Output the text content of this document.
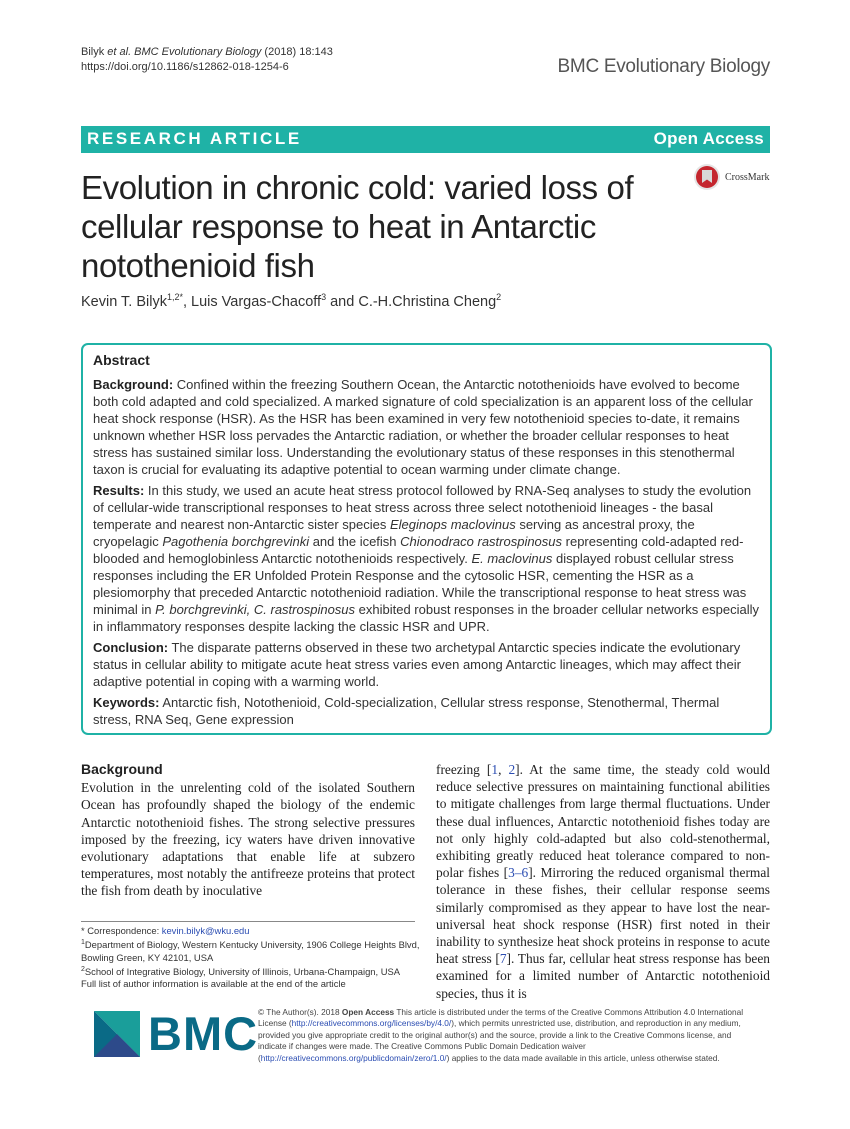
Bilyk et al. BMC Evolutionary Biology (2018) 18:143
https://doi.org/10.1186/s12862-018-1254-6	BMC Evolutionary Biology
RESEARCH ARTICLE	Open Access
CrossMark
Evolution in chronic cold: varied loss of cellular response to heat in Antarctic notothenioid fish
Kevin T. Bilyk$^{1,2*}$, Luis Vargas-Chacoff$^3$ and C.-H.Christina Cheng$^2$
Abstract

Background: Confined within the freezing Southern Ocean, the Antarctic notothenioids have evolved to become both cold adapted and cold specialized. A marked signature of cold specialization is an apparent loss of the cellular heat shock response (HSR). As the HSR has been examined in very few notothenioid species to-date, it remains unknown whether HSR loss pervades the Antarctic radiation, or whether the broader cellular responses to heat stress has sustained similar loss. Understanding the evolutionary status of these responses in this stenothermal taxon is crucial for evaluating its adaptive potential to ocean warming under climate change.

Results: In this study, we used an acute heat stress protocol followed by RNA-Seq analyses to study the evolution of cellular-wide transcriptional responses to heat stress across three select notothenioid lineages - the basal temperate and nearest non-Antarctic sister species Eleginops maclovinus serving as ancestral proxy, the cryopelagic Pagothenia borchgrevinki and the icefish Chionodraco rastrospinosus representing cold-adapted red-blooded and hemoglobinless Antarctic notothenioids respectively. E. maclovinus displayed robust cellular stress responses including the ER Unfolded Protein Response and the cytosolic HSR, cementing the HSR as a plesiomorphy that preceded Antarctic notothenioid radiation. While the transcriptional response to heat stress was minimal in P. borchgrevinki, C. rastrospinosus exhibited robust responses in the broader cellular networks especially in inflammatory responses despite lacking the classic HSR and UPR.

Conclusion: The disparate patterns observed in these two archetypal Antarctic species indicate the evolutionary status in cellular ability to mitigate acute heat stress varies even among Antarctic lineages, which may affect their adaptive potential in coping with a warming world.

Keywords: Antarctic fish, Notothenioid, Cold-specialization, Cellular stress response, Stenothermal, Thermal stress, RNA Seq, Gene expression

Background

Evolution in the unrelenting cold of the isolated Southern Ocean has profoundly shaped the biology of the endemic Antarctic notothenioid fishes. The strong selective pressures imposed by the freezing, icy waters have driven innovative evolutionary adaptations that enable life at subzero temperatures, most notably the antifreeze proteins that protect the fish from death by inoculative

freezing [1, 2]. At the same time, the steady cold would reduce selective pressures on maintaining functional abilities to mitigate challenges from large thermal fluctuations. Under these dual influences, Antarctic notothenioid fishes today are not only highly cold-adapted but also cold-stenothermal, exhibiting greatly reduced heat tolerance compared to non-polar fishes [3–6]. Mirroring the reduced organismal thermal tolerance in these fishes, their cellular response seems similarly compromised as they appear to have lost the near-universal heat shock response (HSR) first noted in their inability to synthesize heat shock proteins in response to acute heat stress [7]. Thus far, cellular heat stress response has been examined for a limited number of Antarctic notothenioid species, thus it is

* Correspondence: kevin.bilyk@wku.edu
$^1$Department of Biology, Western Kentucky University, 1906 College Heights Blvd, Bowling Green, KY 42101, USA
$^2$School of Integrative Biology, University of Illinois, Urbana-Champaign, USA
Full list of author information is available at the end of the article
BMC © The Author(s). 2018 Open Access This article is distributed under the terms of the Creative Commons Attribution 4.0 International License (http://creativecommons.org/licenses/by/4.0/), which permits unrestricted use, distribution, and reproduction in any medium, provided you give appropriate credit to the original author(s) and the source, provide a link to the Creative Commons license, and indicate if changes were made. The Creative Commons Public Domain Dedication waiver (http://creativecommons.org/publicdomain/zero/1.0/) applies to the data made available in this article, unless otherwise stated.
